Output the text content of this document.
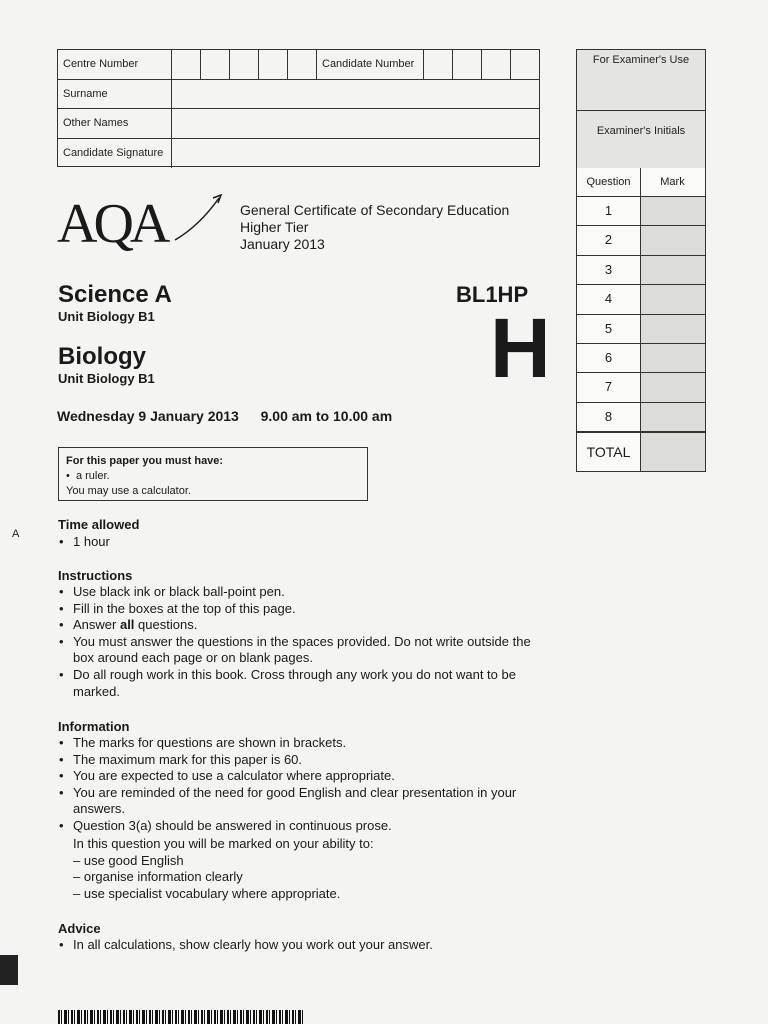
Centre Number	Candidate Number
Surname
Other Names
Candidate Signature
For Examiner's Use
Examiner's Initials
Question	Mark
1
2
3
4
5
6
7
8
TOTAL
AQA	General Certificate of Secondary Education
Higher Tier
January 2013
Science A
Unit Biology B1
BL1HP
H
Biology
Unit Biology B1
Wednesday 9 January 2013 9.00 am to 10.00 am
For this paper you must have:
•  a ruler.
You may use a calculator.
Time allowed
• 1 hour
Instructions
• Use black ink or black ball-point pen.
• Fill in the boxes at the top of this page.
• Answer all questions.
• You must answer the questions in the spaces provided. Do not write outside the box around each page or on blank pages.
• Do all rough work in this book. Cross through any work you do not want to be marked.
Information
• The marks for questions are shown in brackets.
• The maximum mark for this paper is 60.
• You are expected to use a calculator where appropriate.
• You are reminded of the need for good English and clear presentation in your answers.
• Question 3(a) should be answered in continuous prose.
In this question you will be marked on your ability to:
– use good English
– organise information clearly
– use specialist vocabulary where appropriate.
Advice
• In all calculations, show clearly how you work out your answer.
A
